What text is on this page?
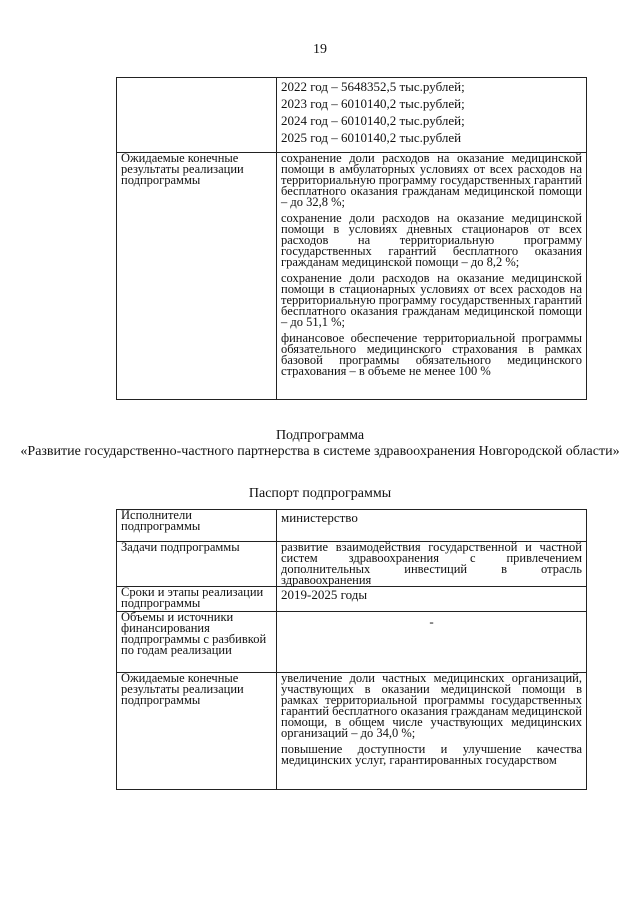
19

	2022 год – 5648352,5 тыс.рублей;
2023 год – 6010140,2 тыс.рублей;
2024 год – 6010140,2 тыс.рублей;
2025 год – 6010140,2 тыс.рублей

Ожидаемые конечные результаты реализации подпрограммы	сохранение доли расходов на оказание медицинской помощи в амбулаторных условиях от всех расходов на территориальную программу государственных гарантий бесплатного оказания гражданам медицинской помощи – до 32,8 %;
сохранение доли расходов на оказание медицинской помощи в условиях дневных стационаров от всех расходов на территориальную программу государственных гарантий бесплатного оказания гражданам медицинской помощи – до 8,2 %;
сохранение доли расходов на оказание медицинской помощи в стационарных условиях от всех расходов на территориальную программу государственных гарантий бесплатного оказания гражданам медицинской помощи – до 51,1 %;
финансовое обеспечение территориальной программы обязательного медицинского страхования в рамках базовой программы обязательного медицинского страхования – в объеме не менее 100 %
Подпрограмма
«Развитие государственно-частного партнерства в системе здравоохранения Новгородской области»
Паспорт подпрограммы
Исполнители подпрограммы	министерство
Задачи подпрограммы	развитие взаимодействия государственной и частной систем здравоохранения с привлечением дополнительных инвестиций в отрасль здравоохранения

Сроки и этапы реализации подпрограммы	2019-2025 годы
Объемы и источники финансирования подпрограммы с разбивкой по годам реализации	-

Ожидаемые конечные результаты реализации подпрограммы	увеличение доли частных медицинских организаций, участвующих в оказании медицинской помощи в рамках территориальной программы государственных гарантий бесплатного оказания гражданам медицинской помощи, в общем числе участвующих медицинских организаций – до 34,0 %;
повышение доступности и улучшение качества медицинских услуг, гарантированных государством
